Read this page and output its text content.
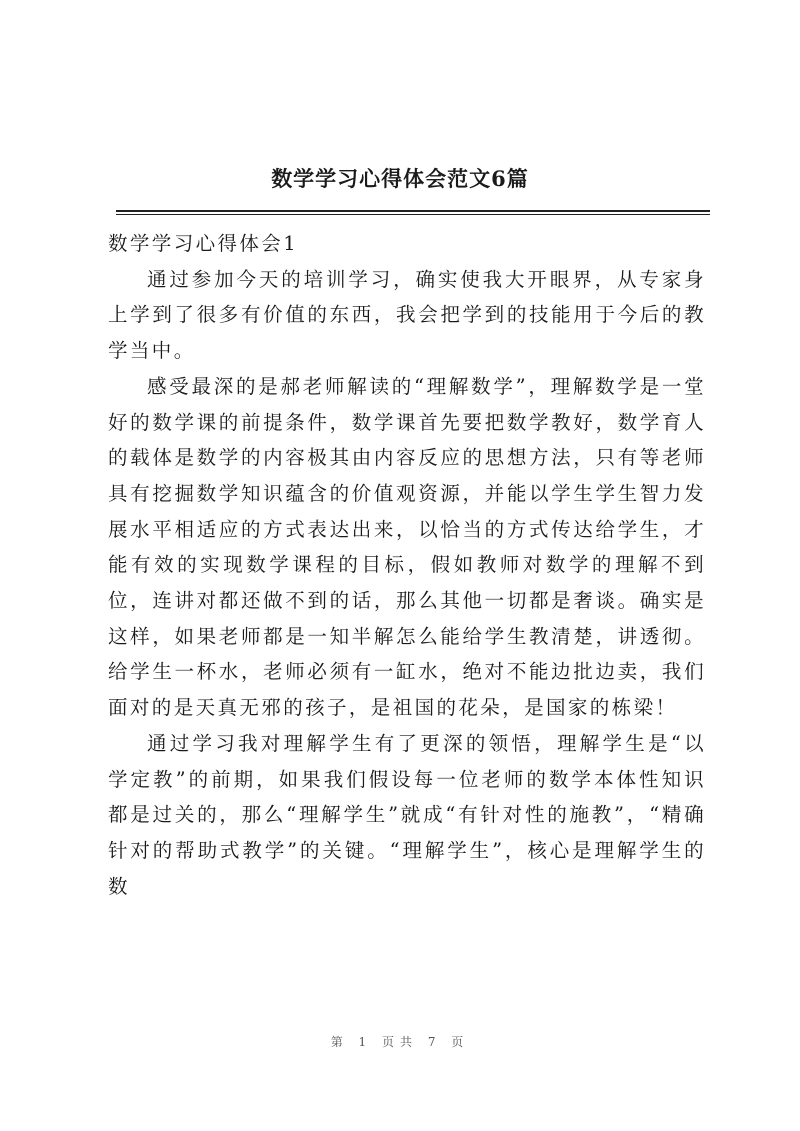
数学学习心得体会范文6篇
数学学习心得体会1

通过参加今天的培训学习，确实使我大开眼界，从专家身上学到了很多有价值的东西，我会把学到的技能用于今后的教学当中。

感受最深的是郝老师解读的“理解数学”，理解数学是一堂好的数学课的前提条件，数学课首先要把数学教好，数学育人的载体是数学的内容极其由内容反应的思想方法，只有等老师具有挖掘数学知识蕴含的价值观资源，并能以学生学生智力发展水平相适应的方式表达出来，以恰当的方式传达给学生，才能有效的实现数学课程的目标，假如教师对数学的理解不到位，连讲对都还做不到的话，那么其他一切都是奢谈。确实是这样，如果老师都是一知半解怎么能给学生教清楚，讲透彻。给学生一杯水，老师必须有一缸水，绝对不能边批边卖，我们面对的是天真无邪的孩子，是祖国的花朵，是国家的栋梁！

通过学习我对理解学生有了更深的领悟，理解学生是“以学定教”的前期，如果我们假设每一位老师的数学本体性知识都是过关的，那么“理解学生”就成“有针对性的施教”，“精确针对的帮助式教学”的关键。“理解学生”，核心是理解学生的数

第 1 页共 7 页
